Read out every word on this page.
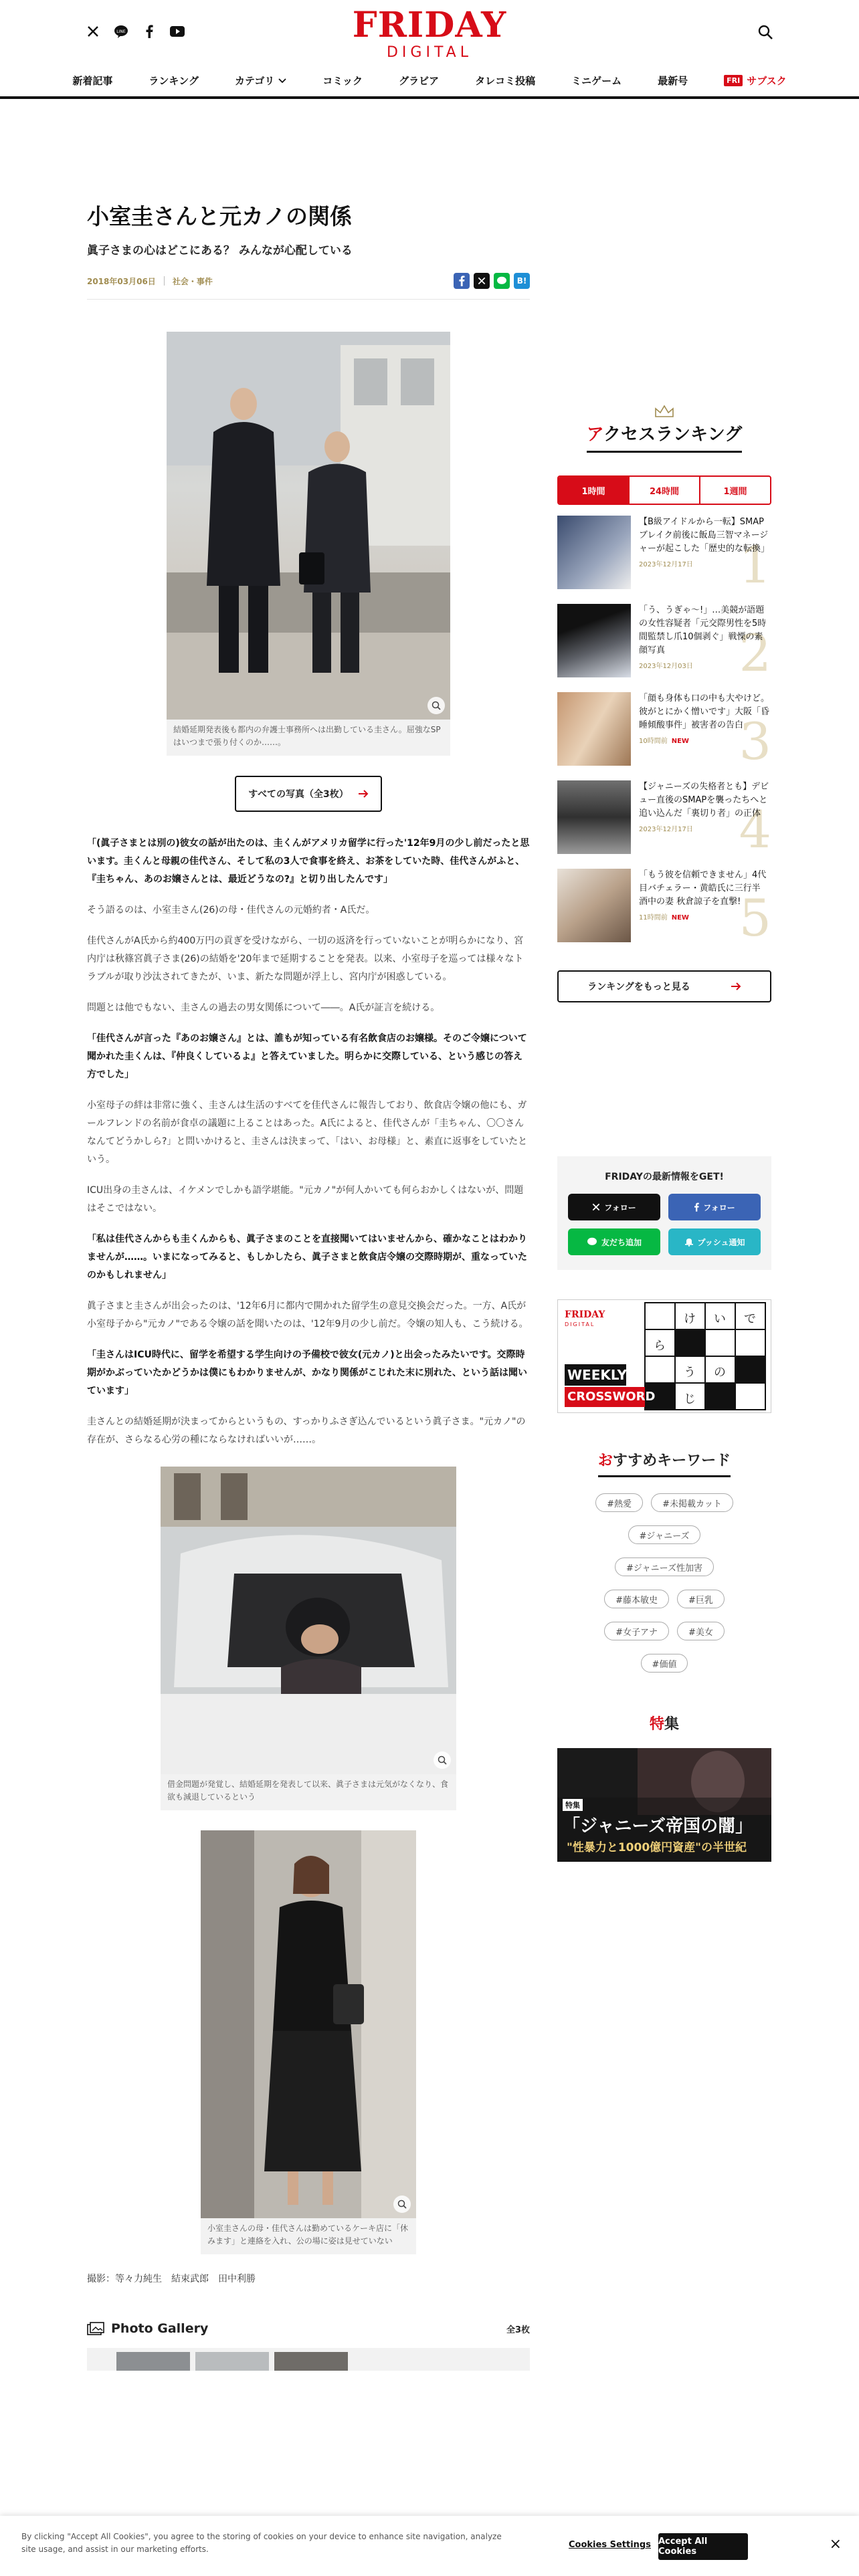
LINE	FRIDAY
DIGITAL
新着記事	ランキング	カテゴリ	コミック	グラビア	タレコミ投稿	ミニゲーム	最新号	FRI サブスク
小室圭さんと元カノの関係
眞子さまの心はどこにある？ みんなが心配している
2018年03月06日 社会・事件	B!
結婚延期発表後も都内の弁護士事務所へは出勤している圭さん。屈強なSPはいつまで張り付くのか……。
すべての写真（全3枚）

「(眞子さまとは別の)彼女の話が出たのは、圭くんがアメリカ留学に行った'12年9月の少し前だったと思います。圭くんと母親の佳代さん、そして私の3人で食事を終え、お茶をしていた時、佳代さんがふと、『圭ちゃん、あのお嬢さんとは、最近どうなの?』と切り出したんです」

そう語るのは、小室圭さん(26)の母・佳代さんの元婚約者・A氏だ。

佳代さんがA氏から約400万円の貢ぎを受けながら、一切の返済を行っていないことが明らかになり、宮内庁は秋篠宮眞子さま(26)の結婚を'20年まで延期することを発表。以来、小室母子を巡っては様々なトラブルが取り沙汰されてきたが、いま、新たな問題が浮上し、宮内庁が困惑している。

問題とは他でもない、圭さんの過去の男女関係について――。A氏が証言を続ける。

「佳代さんが言った『あのお嬢さん』とは、誰もが知っている有名飲食店のお嬢様。そのご令嬢について聞かれた圭くんは、『仲良くしているよ』と答えていました。明らかに交際している、という感じの答え方でした」

小室母子の絆は非常に強く、圭さんは生活のすべてを佳代さんに報告しており、飲食店令嬢の他にも、ガールフレンドの名前が食卓の議題に上ることはあった。A氏によると、佳代さんが「圭ちゃん、〇〇さんなんてどうかしら?」と問いかけると、圭さんは決まって、「はい、お母様」と、素直に返事をしていたという。

ICU出身の圭さんは、イケメンでしかも語学堪能。"元カノ"が何人かいても何らおかしくはないが、問題はそこではない。

「私は佳代さんからも圭くんからも、眞子さまのことを直接聞いてはいませんから、確かなことはわかりませんが……。いまになってみると、もしかしたら、眞子さまと飲食店令嬢の交際時期が、重なっていたのかもしれません」

眞子さまと圭さんが出会ったのは、'12年6月に都内で開かれた留学生の意見交換会だった。一方、A氏が小室母子から"元カノ"である令嬢の話を聞いたのは、'12年9月の少し前だ。令嬢の知人も、こう続ける。

「圭さんはICU時代に、留学を希望する学生向けの予備校で彼女(元カノ)と出会ったみたいです。交際時期がかぶっていたかどうかは僕にもわかりませんが、かなり関係がこじれた末に別れた、という話は聞いています」

圭さんとの結婚延期が決まってからというもの、すっかりふさぎ込んでいるという眞子さま。"元カノ"の存在が、さらなる心労の種にならなければいいが……。

借金問題が発覚し、結婚延期を発表して以来、眞子さまは元気がなくなり、食欲も減退しているという
小室圭さんの母・佳代さんは勤めているケーキ店に「休みます」と連絡を入れ、公の場に姿は見せていない
撮影：等々力純生　結束武郎　田中利勝
Photo Gallery	全3枚
アクセスランキング
1時間	24時間	1週間
【B級アイドルから一転】SMAPブレイク前後に飯島三智マネージャーが起こした「歴史的な転換」
2023年12月17日 1
「う、うぎゃ〜!」…美競が語題の女性容疑者「元交際男性を5時間監禁し爪10個剥ぐ」戦慄の素顔写真
2023年12月03日 2
「顔も身体も口の中も大やけど。彼がとにかく憎いです」大阪「昏睡傾酸事件」被害者の告白
10時間前 NEW 3
【ジャニーズの失格者とも】デビュー直後のSMAPを襲ったちへと追い込んだ「裏切り者」の正体
2023年12月17日 4
「もう彼を信頼できません」4代目バチェラー・黄皓氏に三行半 酒中の妻 秋倉諒子を直撃!
11時間前 NEW 5
ランキングをもっと見る
FRIDAYの最新情報をGET!
フォロー	フォロー
友だち追加	プッシュ通知
FRIDAY
DIGITAL
WEEKLY
CROSSWORD
け い で
ら
の
う
じ
おすすめキーワード
#熱愛	#未掲載カット
#ジャニーズ
#ジャニーズ性加害
#藤本敏史	#巨乳
#女子アナ	#美女
#価値
特集
特集
「ジャニーズ帝国の闇」
"性暴力と1000億円資産"の半世紀
By clicking "Accept All Cookies", you agree to the storing of cookies on your device to enhance site navigation, analyze site usage, and assist in our marketing efforts.	Cookies Settings Accept All Cookies	×
